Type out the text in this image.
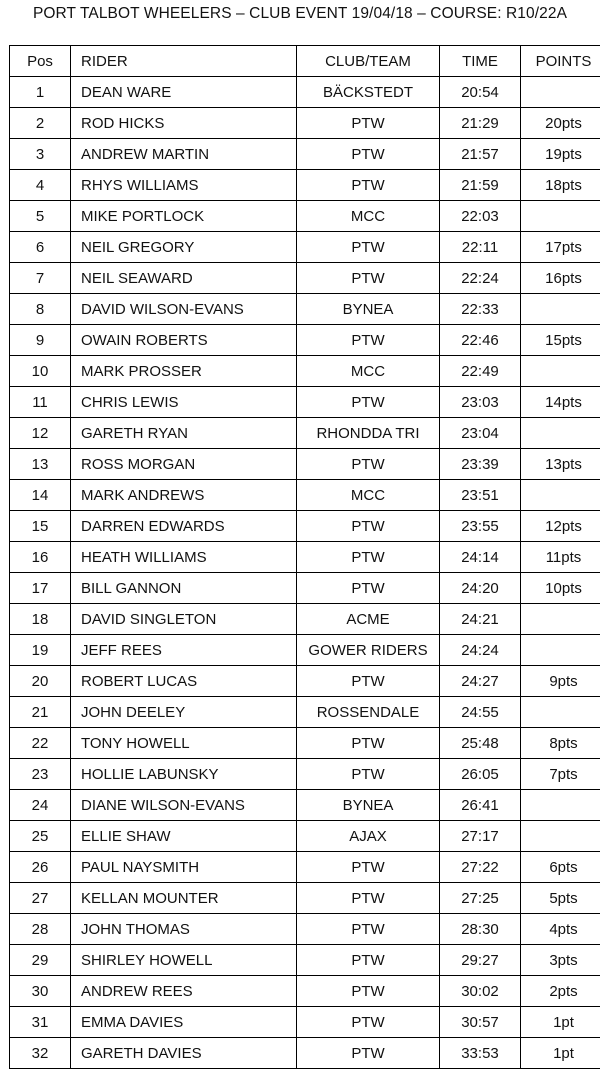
PORT TALBOT WHEELERS – CLUB EVENT 19/04/18 – COURSE: R10/22A
Pos	RIDER	CLUB/TEAM	TIME	POINTS
1	DEAN WARE	BÄCKSTEDT	20:54	
2	ROD HICKS	PTW	21:29	20pts
3	ANDREW MARTIN	PTW	21:57	19pts
4	RHYS WILLIAMS	PTW	21:59	18pts
5	MIKE PORTLOCK	MCC	22:03	
6	NEIL GREGORY	PTW	22:11	17pts
7	NEIL SEAWARD	PTW	22:24	16pts
8	DAVID WILSON-EVANS	BYNEA	22:33	
9	OWAIN ROBERTS	PTW	22:46	15pts
10	MARK PROSSER	MCC	22:49	
11	CHRIS LEWIS	PTW	23:03	14pts
12	GARETH RYAN	RHONDDA TRI	23:04	
13	ROSS MORGAN	PTW	23:39	13pts
14	MARK ANDREWS	MCC	23:51	
15	DARREN EDWARDS	PTW	23:55	12pts
16	HEATH WILLIAMS	PTW	24:14	11pts
17	BILL GANNON	PTW	24:20	10pts
18	DAVID SINGLETON	ACME	24:21	
19	JEFF REES	GOWER RIDERS	24:24	
20	ROBERT LUCAS	PTW	24:27	9pts
21	JOHN DEELEY	ROSSENDALE	24:55	
22	TONY HOWELL	PTW	25:48	8pts
23	HOLLIE LABUNSKY	PTW	26:05	7pts
24	DIANE WILSON-EVANS	BYNEA	26:41	
25	ELLIE SHAW	AJAX	27:17	
26	PAUL NAYSMITH	PTW	27:22	6pts
27	KELLAN MOUNTER	PTW	27:25	5pts
28	JOHN THOMAS	PTW	28:30	4pts
29	SHIRLEY HOWELL	PTW	29:27	3pts
30	ANDREW REES	PTW	30:02	2pts
31	EMMA DAVIES	PTW	30:57	1pt
32	GARETH DAVIES	PTW	33:53	1pt
